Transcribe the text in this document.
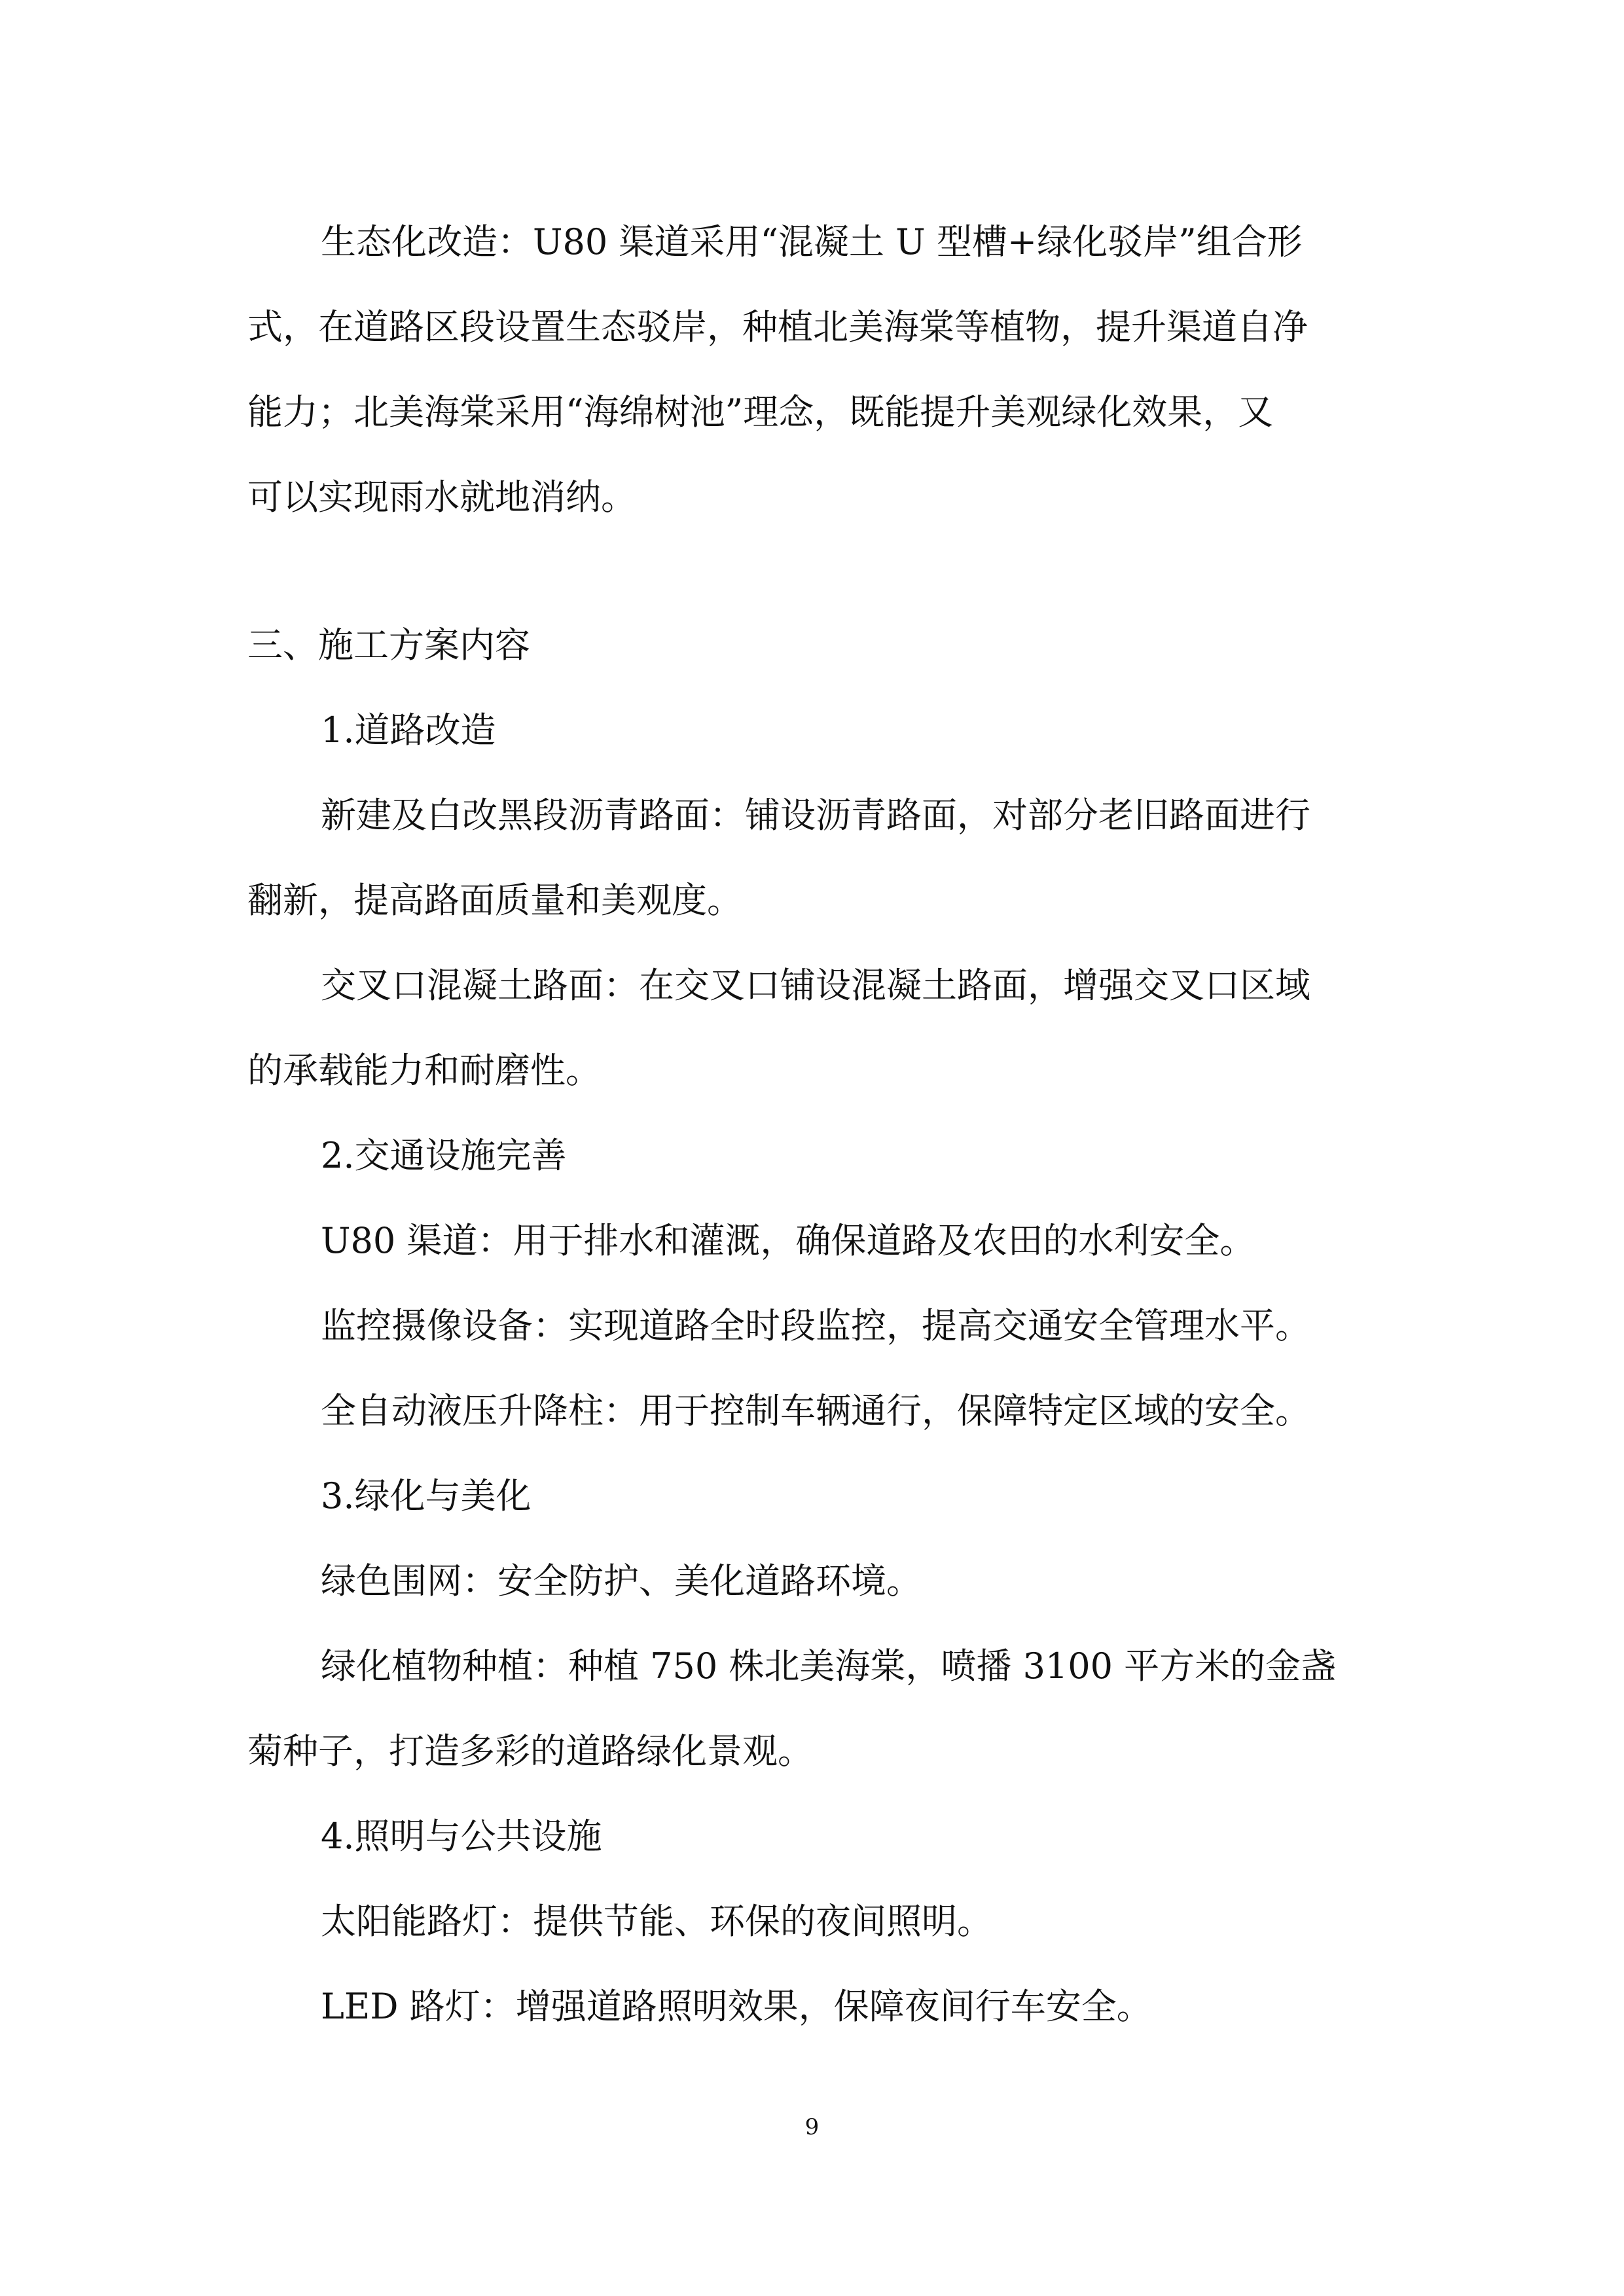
生态化改造：U80 渠道采用“混凝土 U 型槽+绿化驳岸”组合形

式，在道路区段设置生态驳岸，种植北美海棠等植物，提升渠道自净

能力；北美海棠采用“海绵树池”理念，既能提升美观绿化效果，又

可以实现雨水就地消纳。

三、施工方案内容

1.道路改造

新建及白改黑段沥青路面：铺设沥青路面，对部分老旧路面进行

翻新，提高路面质量和美观度。

交叉口混凝土路面：在交叉口铺设混凝土路面，增强交叉口区域

的承载能力和耐磨性。

2.交通设施完善

U80 渠道：用于排水和灌溉，确保道路及农田的水利安全。

监控摄像设备：实现道路全时段监控，提高交通安全管理水平。

全自动液压升降柱：用于控制车辆通行，保障特定区域的安全。

3.绿化与美化

绿色围网：安全防护、美化道路环境。

绿化植物种植：种植 750 株北美海棠，喷播 3100 平方米的金盏

菊种子，打造多彩的道路绿化景观。

4.照明与公共设施

太阳能路灯：提供节能、环保的夜间照明。

LED 路灯：增强道路照明效果，保障夜间行车安全。

9
